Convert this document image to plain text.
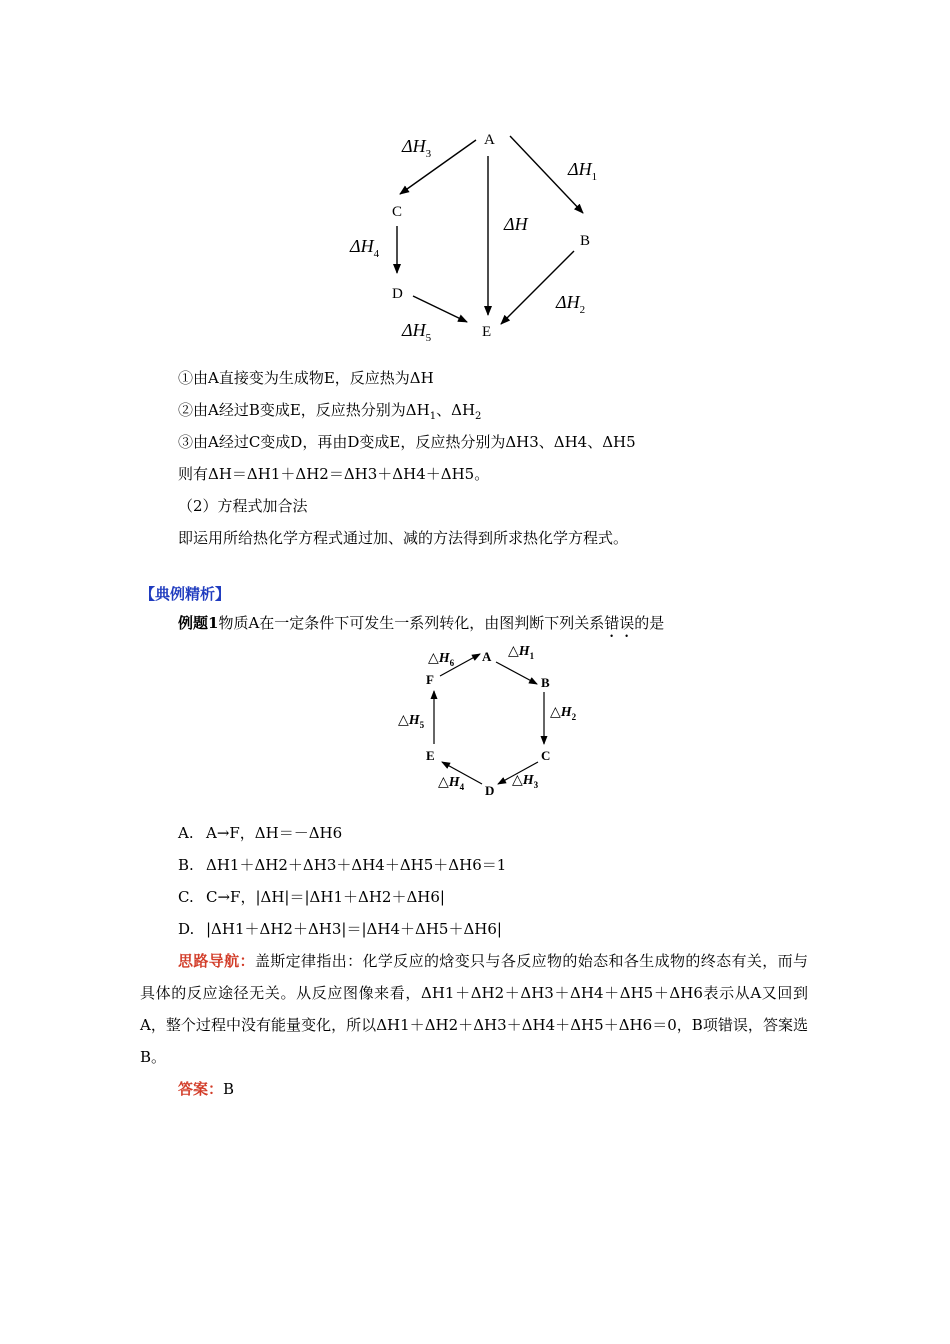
A
B
C
D
E
$\Delta H_3$
$\Delta H_1$
ΔH
$\Delta H_4$
$\Delta H_2$
$\Delta H_5$
①由A直接变为生成物E，反应热为ΔH
②由A经过B变成E，反应热分别为$\Delta H_1$、$\Delta H_2$
③由A经过C变成D，再由D变成E，反应热分别为ΔH3、ΔH4、ΔH5
则有ΔH＝ΔH1＋ΔH2＝ΔH3＋ΔH4＋ΔH5。
（2）方程式加合法
即运用所给热化学方程式通过加、减的方法得到所求热化学方程式。
【典例精析】
例题1物质A在一定条件下可发生一系列转化，由图判断下列关系错误的是
A
B
C
D
E
F
$\triangle H_6$
$\triangle H_1$
$\triangle H_2$
$\triangle H_3$
$\triangle H_4$
$\triangle H_5$
A. A→F，ΔH＝－ΔH6
B. ΔH1＋ΔH2＋ΔH3＋ΔH4＋ΔH5＋ΔH6＝1
C. C→F，|ΔH|＝|ΔH1＋ΔH2＋ΔH6|
D. |ΔH1＋ΔH2＋ΔH3|＝|ΔH4＋ΔH5＋ΔH6|
思路导航：盖斯定律指出：化学反应的焓变只与各反应物的始态和各生成物的终态有关，而与具体的反应途径无关。从反应图像来看，ΔH1＋ΔH2＋ΔH3＋ΔH4＋ΔH5＋ΔH6表示从A又回到A，整个过程中没有能量变化，所以ΔH1＋ΔH2＋ΔH3＋ΔH4＋ΔH5＋ΔH6＝0，B项错误，答案选B。
答案：B
